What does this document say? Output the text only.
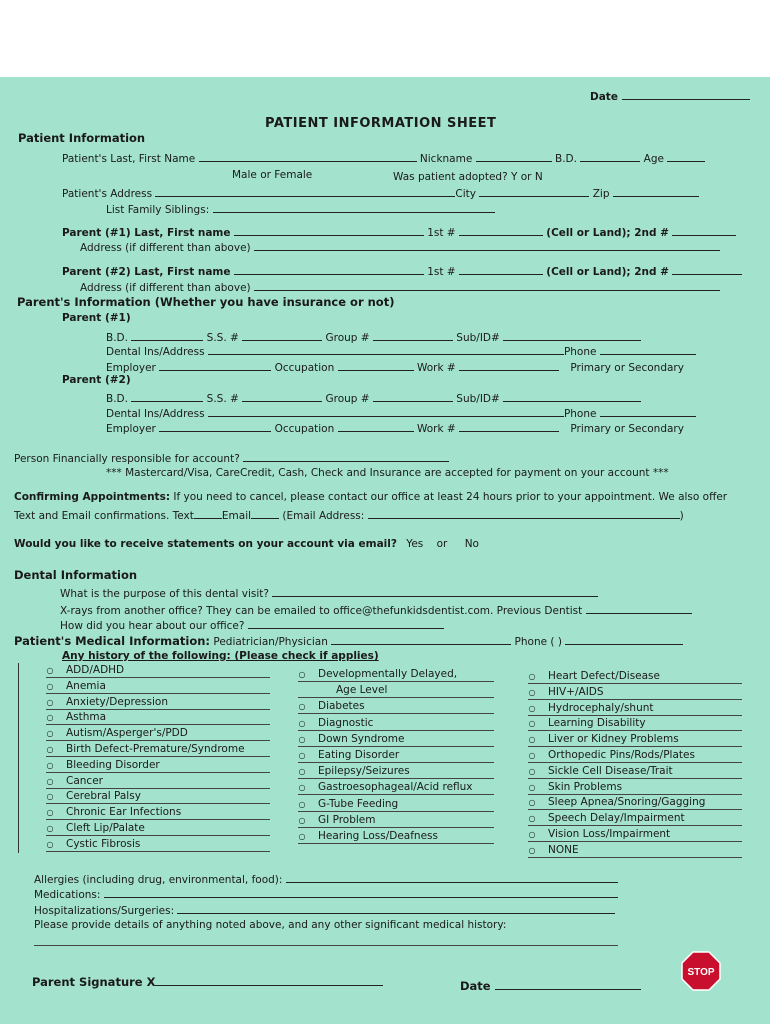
Date
PATIENT INFORMATION SHEET
Patient Information
Patient's Last, First Name	Nickname	B.D.	Age
Male or Female	Was patient adopted? Y or N
Patient's Address	City	Zip
List Family Siblings:
Parent (#1) Last, First name	1st #	(Cell or Land); 2nd #
Address (if different than above)
Parent (#2) Last, First name	1st #	(Cell or Land); 2nd #
Address (if different than above)
Parent's Information (Whether you have insurance or not)
Parent (#1)
B.D.	S.S. #	Group #	Sub/ID#
Dental Ins/Address	Phone
Employer	Occupation	Work #	Primary or Secondary
Parent (#2)
B.D.	S.S. #	Group #	Sub/ID#
Dental Ins/Address	Phone
Employer	Occupation	Work #	Primary or Secondary
Person Financially responsible for account?
*** Mastercard/Visa, CareCredit, Cash, Check and Insurance are accepted for payment on your account ***
Confirming Appointments: If you need to cancel, please contact our office at least 24 hours prior to your appointment. We also offer
Text and Email confirmations. Text	Email	(Email Address:	)
Would you like to receive statements on your account via email? Yes or No
Dental Information
What is the purpose of this dental visit?
X-rays from another office? They can be emailed to office@thefunkidsdentist.com. Previous Dentist
How did you hear about our office?
Patient's Medical Information: Pediatrician/Physician	Phone ( )
Any history of the following: (Please check if applies)
○ ADD/ADHD
○ Anemia
○ Anxiety/Depression
○ Asthma
○ Autism/Asperger's/PDD
○ Birth Defect-Premature/Syndrome
○ Bleeding Disorder
○ Cancer
○ Cerebral Palsy
○ Chronic Ear Infections
○ Cleft Lip/Palate
○ Cystic Fibrosis
○ Developmentally Delayed,
Age Level
○ Diabetes
○ Diagnostic
○ Down Syndrome
○ Eating Disorder
○ Epilepsy/Seizures
○ Gastroesophageal/Acid reflux
○ G-Tube Feeding
○ GI Problem
○ Hearing Loss/Deafness
○ Heart Defect/Disease
○ HIV+/AIDS
○ Hydrocephaly/shunt
○ Learning Disability
○ Liver or Kidney Problems
○ Orthopedic Pins/Rods/Plates
○ Sickle Cell Disease/Trait
○ Skin Problems
○ Sleep Apnea/Snoring/Gagging
○ Speech Delay/Impairment
○ Vision Loss/Impairment
○ NONE
Allergies (including drug, environmental, food):
Medications:
Hospitalizations/Surgeries:
Please provide details of anything noted above, and any other significant medical history:
Parent Signature X	Date
STOP
